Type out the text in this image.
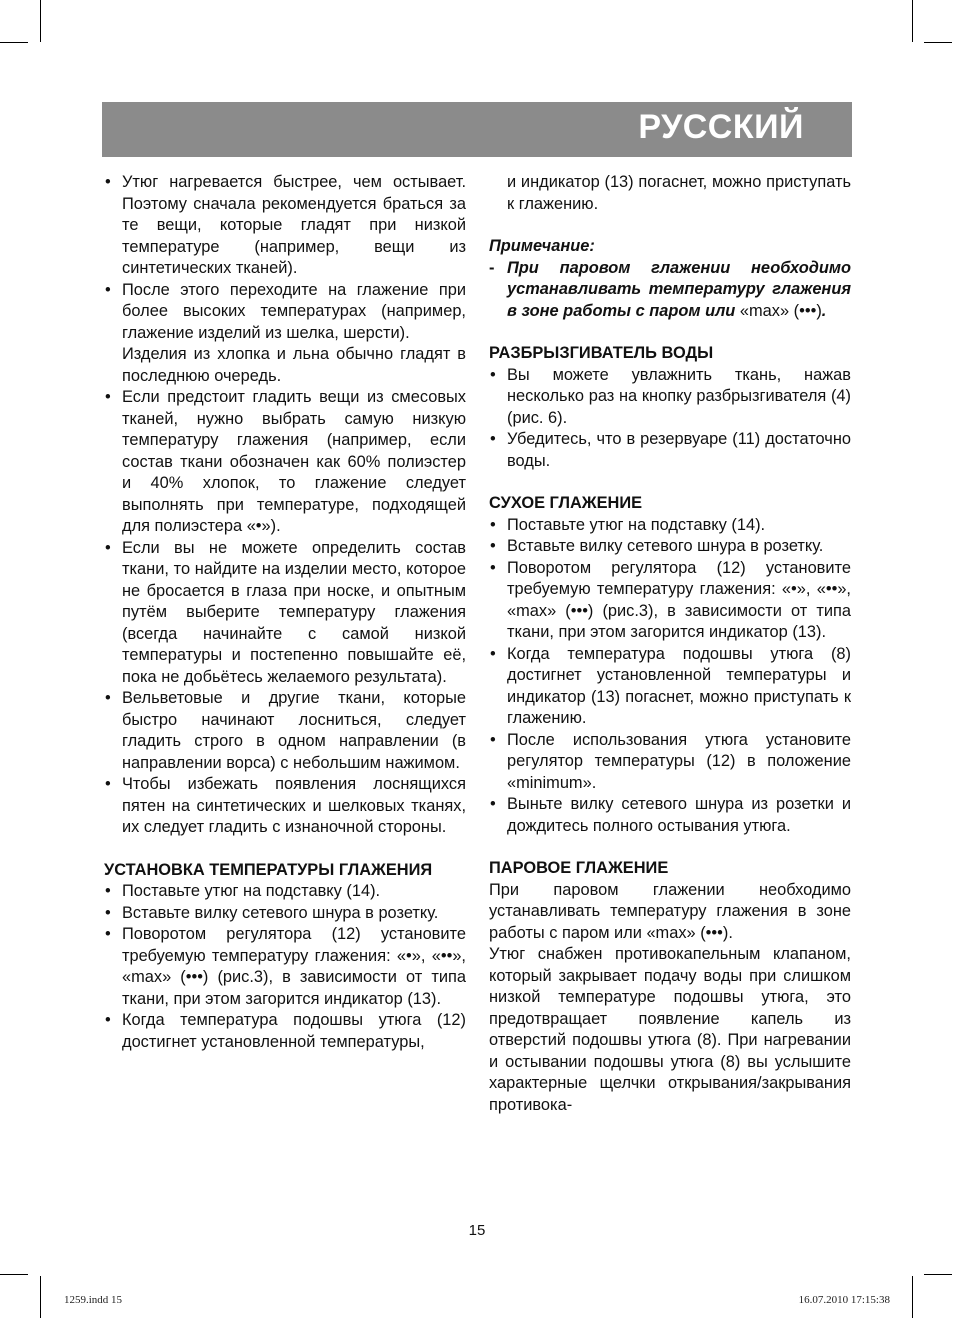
РУССКИЙ
• Утюг нагревается быстрее, чем остывает. Поэтому сначала рекомендуется браться за те вещи, которые гладят при низкой температуре (например, вещи из синтетических тканей).
• После этого переходите на глажение при более высоких температурах (например, глажение изделий из шелка, шерсти).
Изделия из хлопка и льна обычно гладят в последнюю очередь.
• Если предстоит гладить вещи из смесовых тканей, нужно выбрать самую низкую температуру глажения (например, если состав ткани обозначен как 60% полиэстер и 40% хлопок, то глажение следует выполнять при температуре, подходящей для полиэстера «•»).
• Если вы не можете определить состав ткани, то найдите на изделии место, которое не бросается в глаза при носке, и опытным путём выберите температуру глажения (всегда начинайте с самой низкой температуры и постепенно повышайте её, пока не добьётесь желаемого результата).
• Вельветовые и другие ткани, которые быстро начинают лосниться, следует гладить строго в одном направлении (в направлении ворса) с небольшим нажимом.
• Чтобы избежать появления лоснящихся пятен на синтетических и шелковых тканях, их следует гладить с изнаночной стороны.
УСТАНОВКА ТЕМПЕРАТУРЫ ГЛАЖЕНИЯ
• Поставьте утюг на подставку (14).
• Вставьте вилку сетевого шнура в розетку.
• Поворотом регулятора (12) установите требуемую температуру глажения: «•», «••», «max» (•••) (рис.3), в зависимости от типа ткани, при этом загорится индикатор (13).
• Когда температура подошвы утюга (12) достигнет установленной температуры,
и индикатор (13) погаснет, можно приступать к глажению.
Примечание:
- При паровом глажении необходимо устанавливать температуру глажения в зоне работы с паром или «max» (•••).
РАЗБРЫЗГИВАТЕЛЬ ВОДЫ
• Вы можете увлажнить ткань, нажав несколько раз на кнопку разбрызгивателя (4) (рис. 6).
• Убедитесь, что в резервуаре (11) достаточно воды.
СУХОЕ ГЛАЖЕНИЕ
• Поставьте утюг на подставку (14).
• Вставьте вилку сетевого шнура в розетку.
• Поворотом регулятора (12) установите требуемую температуру глажения: «•», «••», «max» (•••) (рис.3), в зависимости от типа ткани, при этом загорится индикатор (13).
• Когда температура подошвы утюга (8) достигнет установленной температуры и индикатор (13) погаснет, можно приступать к глажению.
• После использования утюга установите регулятор температуры (12) в положение «minimum».
• Выньте вилку сетевого шнура из розетки и дождитесь полного остывания утюга.
ПАРОВОЕ ГЛАЖЕНИЕ
При паровом глажении необходимо устанавливать температуру глажения в зоне работы с паром или «max» (•••).
Утюг снабжен противокапельным клапаном, который закрывает подачу воды при слишком низкой температуре подошвы утюга, это предотвращает появление капель из отверстий подошвы утюга (8). При нагревании и остывании подошвы утюга (8) вы услышите характерные щелчки открывания/закрывания противока-
15
1259.indd 15	16.07.2010 17:15:38
